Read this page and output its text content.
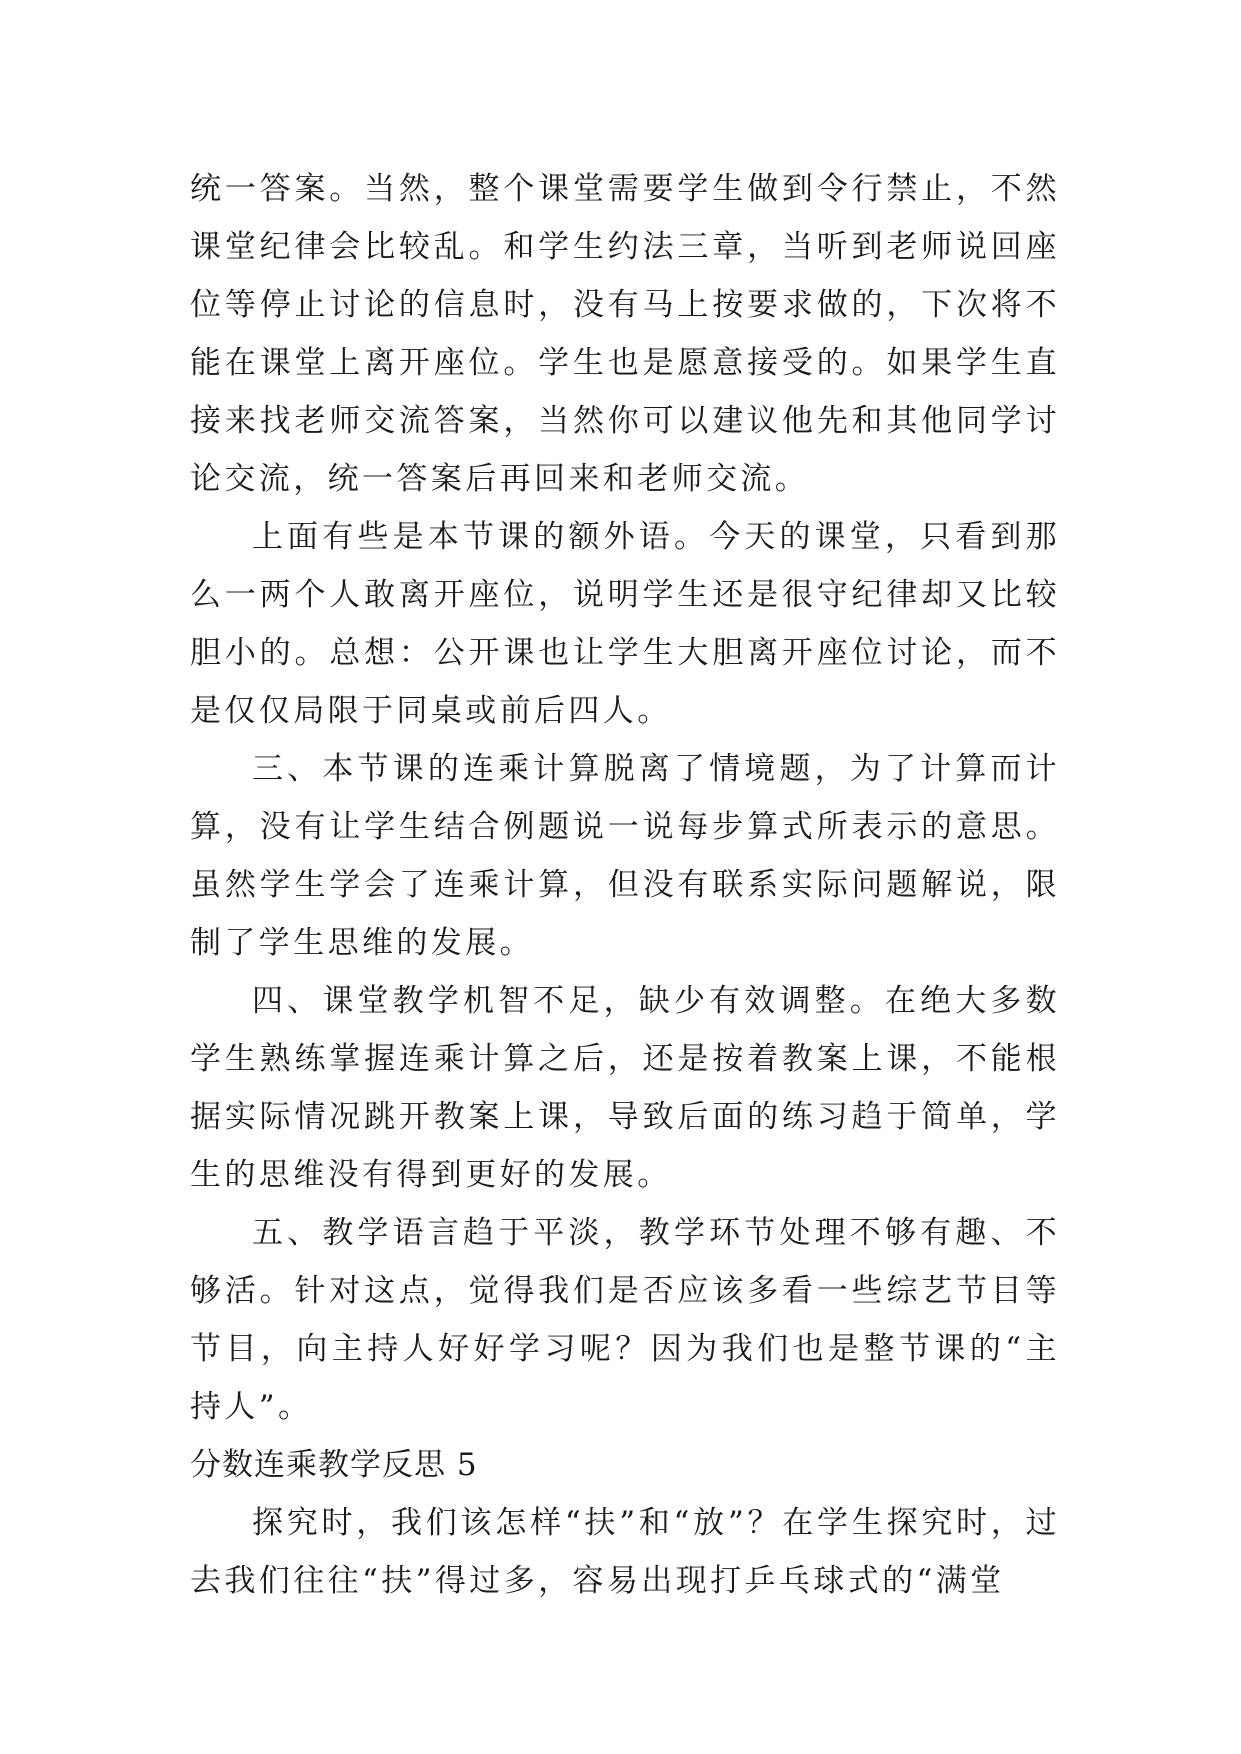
统一答案。当然，整个课堂需要学生做到令行禁止，不然课堂纪律会比较乱。和学生约法三章，当听到老师说回座位等停止讨论的信息时，没有马上按要求做的，下次将不能在课堂上离开座位。学生也是愿意接受的。如果学生直接来找老师交流答案，当然你可以建议他先和其他同学讨论交流，统一答案后再回来和老师交流。

上面有些是本节课的额外语。今天的课堂，只看到那么一两个人敢离开座位，说明学生还是很守纪律却又比较胆小的。总想：公开课也让学生大胆离开座位讨论，而不是仅仅局限于同桌或前后四人。

三、本节课的连乘计算脱离了情境题，为了计算而计算，没有让学生结合例题说一说每步算式所表示的意思。虽然学生学会了连乘计算，但没有联系实际问题解说，限制了学生思维的发展。

四、课堂教学机智不足，缺少有效调整。在绝大多数学生熟练掌握连乘计算之后，还是按着教案上课，不能根据实际情况跳开教案上课，导致后面的练习趋于简单，学生的思维没有得到更好的发展。

五、教学语言趋于平淡，教学环节处理不够有趣、不够活。针对这点，觉得我们是否应该多看一些综艺节目等节目，向主持人好好学习呢？因为我们也是整节课的“主持人”。

分数连乘教学反思 5

探究时，我们该怎样“扶”和“放”？在学生探究时，过去我们往往“扶”得过多，容易出现打乒乓球式的“满堂
